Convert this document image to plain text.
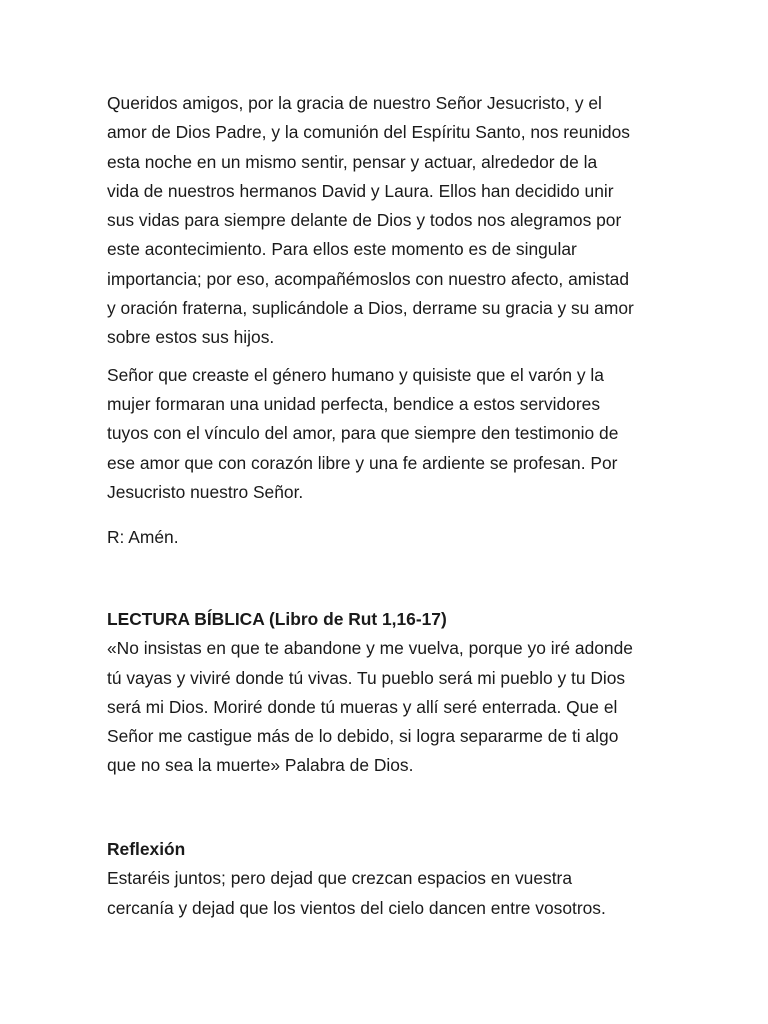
Queridos amigos, por la gracia de nuestro Señor Jesucristo, y el
amor de Dios Padre, y la comunión del Espíritu Santo, nos reunidos
esta noche en un mismo sentir, pensar y actuar, alrededor de la
vida de nuestros hermanos David y Laura. Ellos han decidido unir
sus vidas para siempre delante de Dios y todos nos alegramos por
este acontecimiento. Para ellos este momento es de singular
importancia; por eso, acompañémoslos con nuestro afecto, amistad
y oración fraterna, suplicándole a Dios, derrame su gracia y su amor
sobre estos sus hijos.

Señor que creaste el género humano y quisiste que el varón y la
mujer formaran una unidad perfecta, bendice a estos servidores
tuyos con el vínculo del amor, para que siempre den testimonio de
ese amor que con corazón libre y una fe ardiente se profesan. Por
Jesucristo nuestro Señor.

R: Amén.

LECTURA BÍBLICA (Libro de Rut 1,16-17)
«No insistas en que te abandone y me vuelva, porque yo iré adonde
tú vayas y viviré donde tú vivas. Tu pueblo será mi pueblo y tu Dios
será mi Dios. Moriré donde tú mueras y allí seré enterrada. Que el
Señor me castigue más de lo debido, si logra separarme de ti algo
que no sea la muerte» Palabra de Dios.
Reflexión
Estaréis juntos; pero dejad que crezcan espacios en vuestra
cercanía y dejad que los vientos del cielo dancen entre vosotros.
